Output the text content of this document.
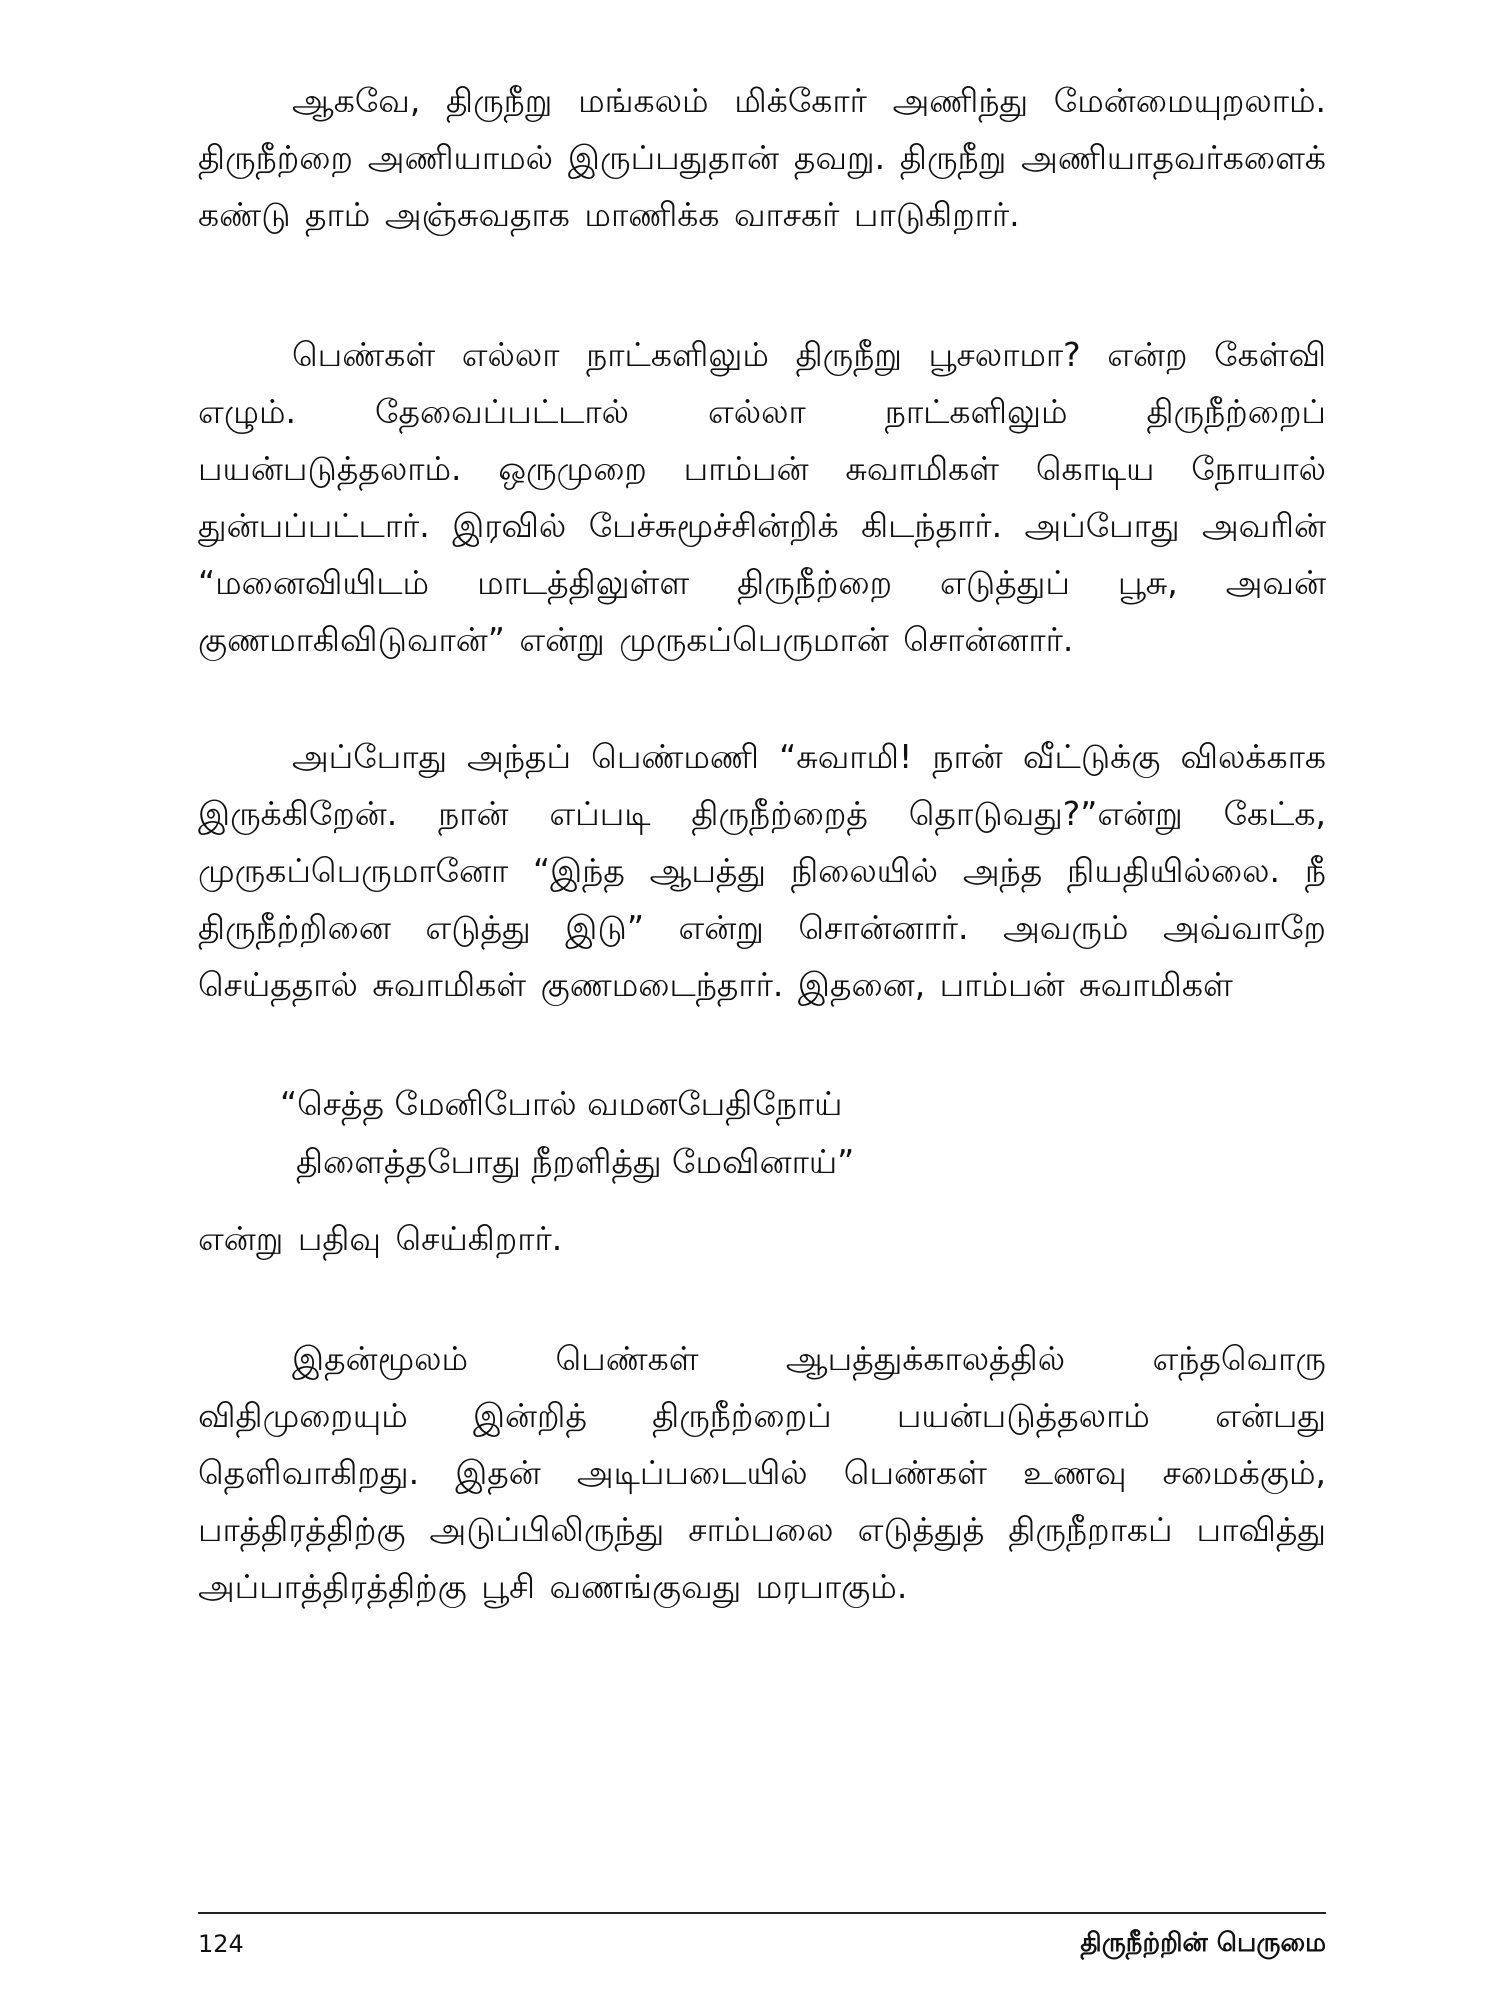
ஆகவே, திருநீறு மங்கலம் மிக்கோர் அணிந்து மேன்மையுறலாம். திருநீற்றை அணியாமல் இருப்பதுதான் தவறு. திருநீறு அணியாதவர்களைக் கண்டு தாம் அஞ்சுவதாக மாணிக்க வாசகர் பாடுகிறார்.

பெண்கள் எல்லா நாட்களிலும் திருநீறு பூசலாமா? என்ற கேள்வி எழும். தேவைப்பட்டால் எல்லா நாட்களிலும் திருநீற்றைப் பயன்படுத்தலாம். ஒருமுறை பாம்பன் சுவாமிகள் கொடிய நோயால் துன்பப்பட்டார். இரவில் பேச்சுமூச்சின்றிக் கிடந்தார். அப்போது அவரின் “மனைவியிடம் மாடத்திலுள்ள திருநீற்றை எடுத்துப் பூசு, அவன் குணமாகிவிடுவான்” என்று முருகப்பெருமான் சொன்னார்.

அப்போது அந்தப் பெண்மணி “சுவாமி! நான் வீட்டுக்கு விலக்காக இருக்கிறேன். நான் எப்படி திருநீற்றைத் தொடுவது?”என்று கேட்க, முருகப்பெருமானோ “இந்த ஆபத்து நிலையில் அந்த நியதியில்லை. நீ திருநீற்றினை எடுத்து இடு” என்று சொன்னார். அவரும் அவ்வாறே செய்ததால் சுவாமிகள் குணமடைந்தார். இதனை, பாம்பன் சுவாமிகள்

“செத்த மேனிபோல் வமனபேதிநோய்

திளைத்தபோது நீறளித்து மேவினாய்”

என்று பதிவு செய்கிறார்.

இதன்மூலம் பெண்கள் ஆபத்துக்காலத்தில் எந்தவொரு விதிமுறையும் இன்றித் திருநீற்றைப் பயன்படுத்தலாம் என்பது தெளிவாகிறது. இதன் அடிப்படையில் பெண்கள் உணவு சமைக்கும், பாத்திரத்திற்கு அடுப்பிலிருந்து சாம்பலை எடுத்துத் திருநீறாகப் பாவித்து அப்பாத்திரத்திற்கு பூசி வணங்குவது மரபாகும்.

124	திருநீற்றின் பெருமை
